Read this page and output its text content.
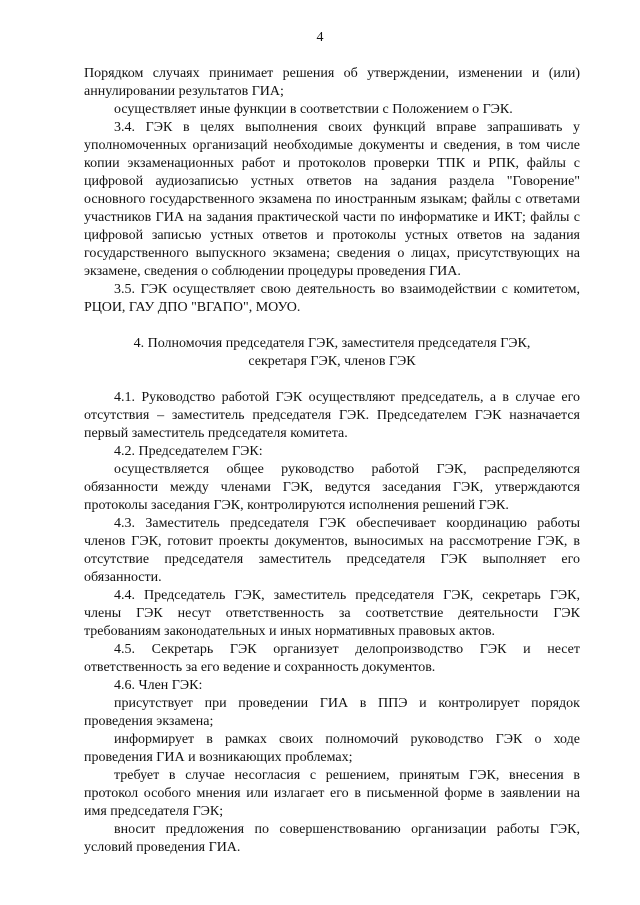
4

Порядком случаях принимает решения об утверждении, изменении и (или) аннулировании результатов ГИА;

осуществляет иные функции в соответствии с Положением о ГЭК.

3.4. ГЭК в целях выполнения своих функций вправе запрашивать у уполномоченных организаций необходимые документы и сведения, в том числе копии экзаменационных работ и протоколов проверки ТПК и РПК, файлы с цифровой аудиозаписью устных ответов на задания раздела "Говорение" основного государственного экзамена по иностранным языкам; файлы с ответами участников ГИА на задания практической части по информатике и ИКТ; файлы с цифровой записью устных ответов и протоколы устных ответов на задания государственного выпускного экзамена; сведения о лицах, присутствующих на экзамене, сведения о соблюдении процедуры проведения ГИА.

3.5. ГЭК осуществляет свою деятельность во взаимодействии с комитетом, РЦОИ, ГАУ ДПО "ВГАПО", МОУО.

4. Полномочия председателя ГЭК, заместителя председателя ГЭК,
секретаря ГЭК, членов ГЭК

4.1. Руководство работой ГЭК осуществляют председатель, а в случае его отсутствия – заместитель председателя ГЭК. Председателем ГЭК назначается первый заместитель председателя комитета.

4.2. Председателем ГЭК:

осуществляется общее руководство работой ГЭК, распределяются обязанности между членами ГЭК, ведутся заседания ГЭК, утверждаются протоколы заседания ГЭК, контролируются исполнения решений ГЭК.

4.3. Заместитель председателя ГЭК обеспечивает координацию работы членов ГЭК, готовит проекты документов, выносимых на рассмотрение ГЭК, в отсутствие председателя заместитель председателя ГЭК выполняет его обязанности.

4.4. Председатель ГЭК, заместитель председателя ГЭК, секретарь ГЭК, члены ГЭК несут ответственность за соответствие деятельности ГЭК требованиям законодательных и иных нормативных правовых актов.

4.5. Секретарь ГЭК организует делопроизводство ГЭК и несет ответственность за его ведение и сохранность документов.

4.6. Член ГЭК:

присутствует при проведении ГИА в ППЭ и контролирует порядок проведения экзамена;

информирует в рамках своих полномочий руководство ГЭК о ходе проведения ГИА и возникающих проблемах;

требует в случае несогласия с решением, принятым ГЭК, внесения в протокол особого мнения или излагает его в письменной форме в заявлении на имя председателя ГЭК;

вносит предложения по совершенствованию организации работы ГЭК, условий проведения ГИА.
